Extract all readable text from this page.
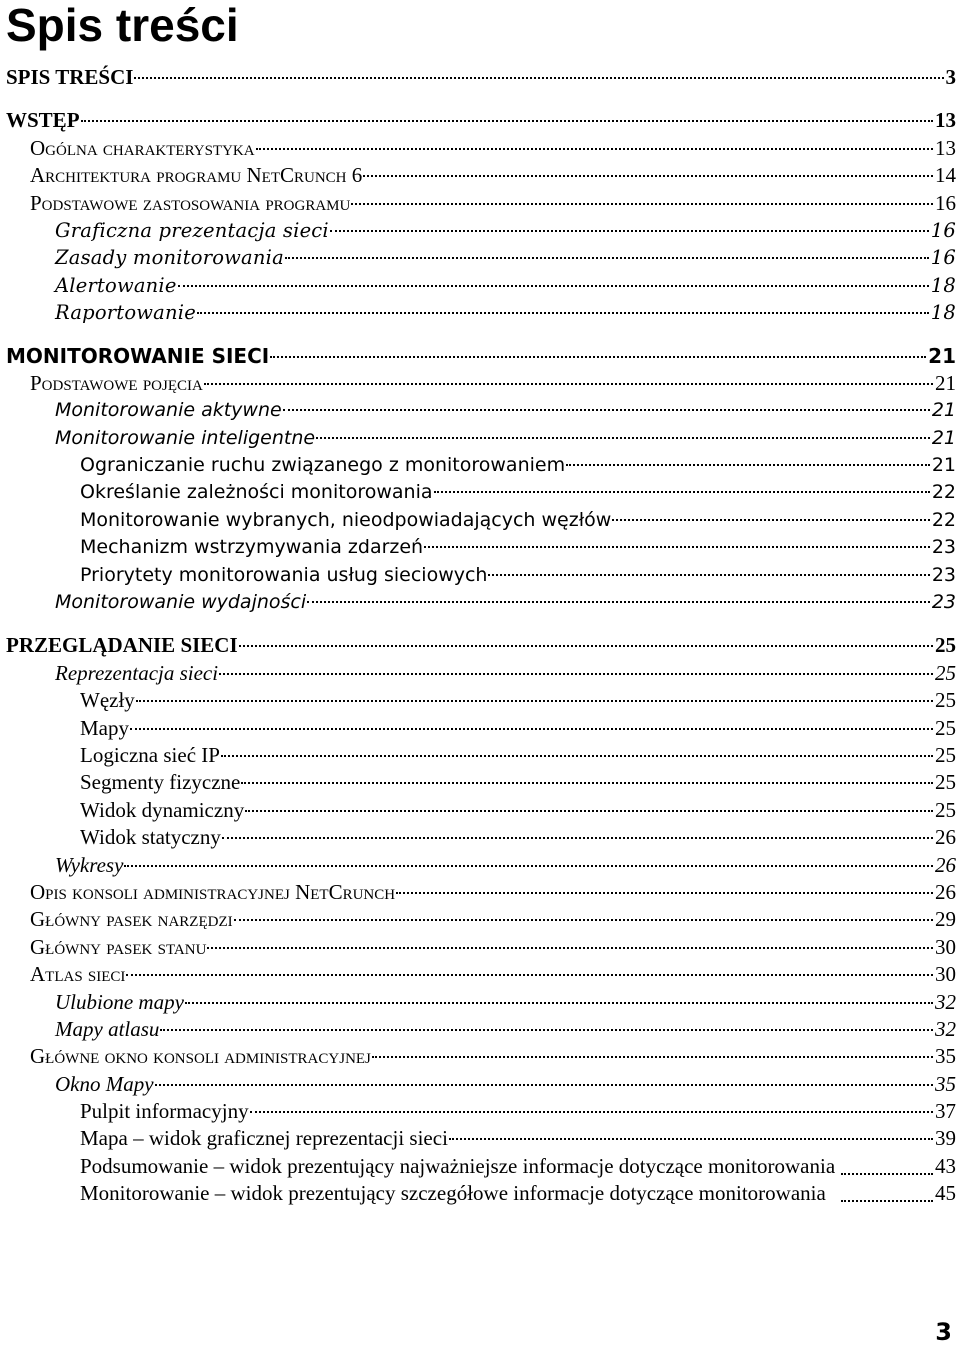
Spis treści
SPIS TREŚCI	3
WSTĘP	13
Ogólna charakterystyka	13
Architektura programu NetCrunch 6	14
Podstawowe zastosowania programu	16
Graficzna prezentacja sieci	16
Zasady monitorowania	16
Alertowanie	18
Raportowanie	18
MONITOROWANIE SIECI	21
Podstawowe pojęcia	21
Monitorowanie aktywne	21
Monitorowanie inteligentne	21
Ograniczanie ruchu związanego z monitorowaniem	21
Określanie zależności monitorowania	22
Monitorowanie wybranych, nieodpowiadających węzłów	22
Mechanizm wstrzymywania zdarzeń	23
Priorytety monitorowania usług sieciowych	23
Monitorowanie wydajności	23
PRZEGLĄDANIE SIECI	25
Reprezentacja sieci	25
Węzły	25
Mapy	25
Logiczna sieć IP	25
Segmenty fizyczne	25
Widok dynamiczny	25
Widok statyczny	26
Wykresy	26
Opis konsoli administracyjnej NetCrunch	26
Główny pasek narzędzi	29
Główny pasek stanu	30
Atlas sieci	30
Ulubione mapy	32
Mapy atlasu	32
Główne okno konsoli administracyjnej	35
Okno Mapy	35
Pulpit informacyjny	37
Mapa – widok graficznej reprezentacji sieci	39
Podsumowanie – widok prezentujący najważniejsze informacje dotyczące monitorowania	43
Monitorowanie – widok prezentujący szczegółowe informacje dotyczące monitorowania	45
3
